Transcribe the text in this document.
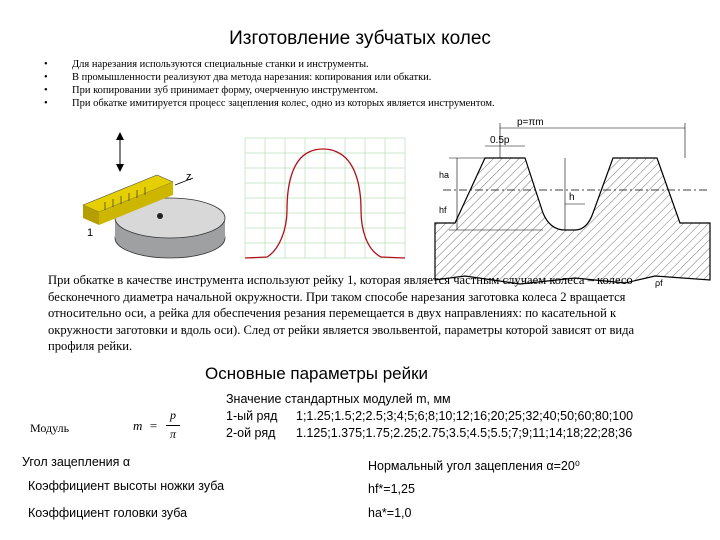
Изготовление зубчатых колес
•	Для нарезания используются специальные станки и инструменты.
•	В промышленности реализуют два метода нарезания: копирования или обкатки.
•	При копировании зуб принимает форму, очерченную инструментом.
•	При обкатке имитируется процесс зацепления колес, одно из которых является инструментом.
z
1
p=πm
0.5p
ha
hf
h
ρf
При обкатке в качестве инструмента используют рейку 1, которая является частным случаем колеса – колесо бесконечного диаметра начальной окружности. При таком способе нарезания заготовка колеса 2 вращается относительно оси, а рейка для обеспечения резания перемещается в двух направлениях: по касательной к окружности заготовки и вдоль оси). След от рейки является эвольвентой, параметры которой зависят от вида профиля рейки.
Основные параметры рейки
Значение стандартных модулей m, мм
1-ый ряд 1;1.25;1.5;2;2.5;3;4;5;6;8;10;12;16;20;25;32;40;50;60;80;100
2-ой ряд 1.125;1.375;1.75;2.25;2.75;3.5;4.5;5.5;7;9;11;14;18;22;28;36
Модуль	m =
p
π
Угол зацепления α	Нормальный угол зацепления α=20⁰
Коэффициент высоты ножки зуба	hf*=1,25
Коэффициент головки зуба	ha*=1,0
